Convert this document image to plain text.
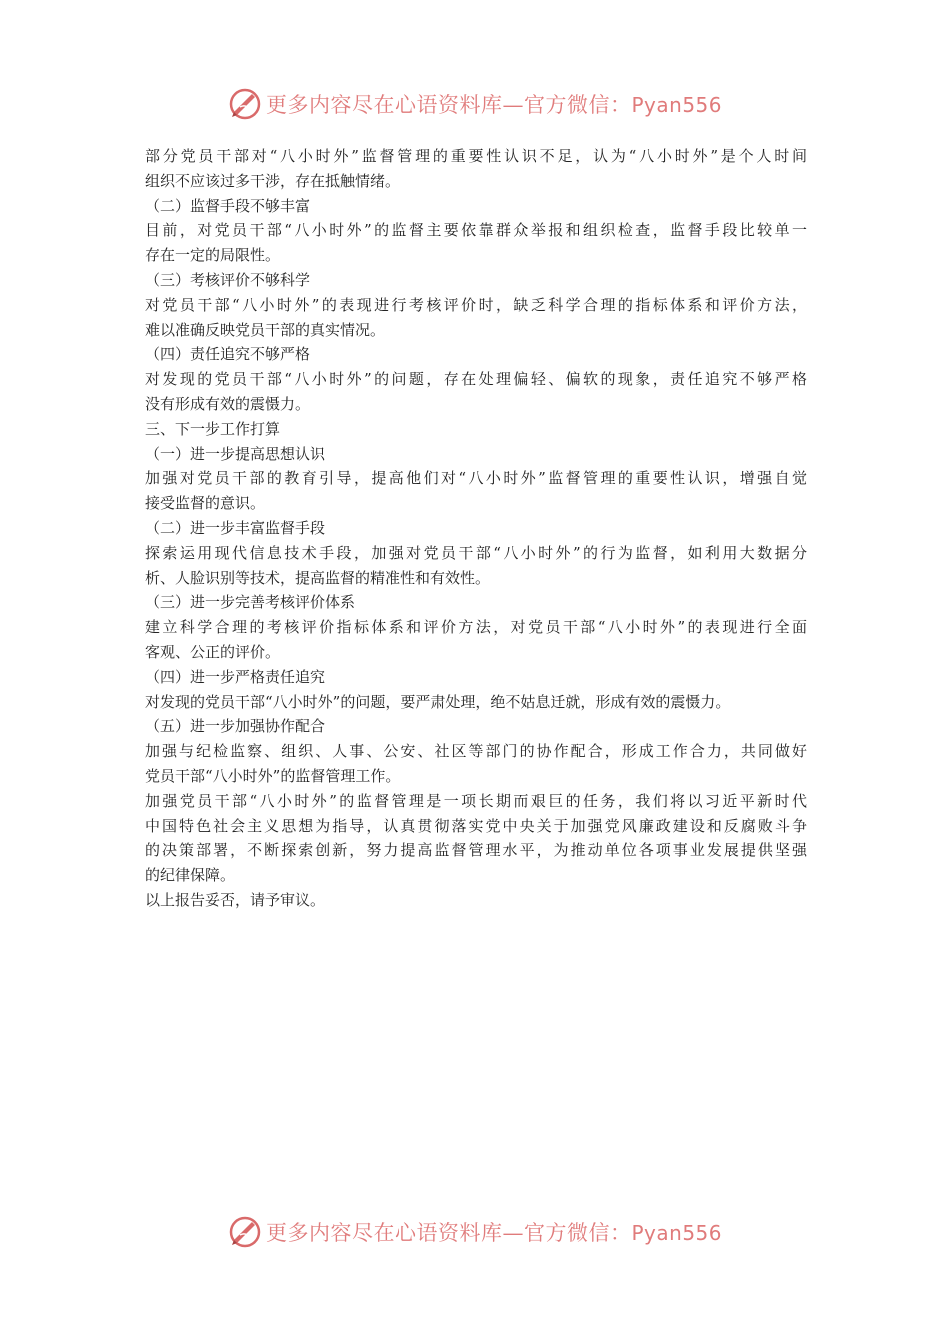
更多内容尽在心语资料库—官方微信：Pyan556
部分党员干部对“八小时外”监督管理的重要性认识不足，认为“八小时外”是个人时间
组织不应该过多干涉，存在抵触情绪。
（二）监督手段不够丰富
目前，对党员干部“八小时外”的监督主要依靠群众举报和组织检查，监督手段比较单一
存在一定的局限性。
（三）考核评价不够科学
对党员干部“八小时外”的表现进行考核评价时，缺乏科学合理的指标体系和评价方法，
难以准确反映党员干部的真实情况。
（四）责任追究不够严格
对发现的党员干部“八小时外”的问题，存在处理偏轻、偏软的现象，责任追究不够严格
没有形成有效的震慑力。
三、下一步工作打算
（一）进一步提高思想认识
加强对党员干部的教育引导，提高他们对“八小时外”监督管理的重要性认识，增强自觉
接受监督的意识。
（二）进一步丰富监督手段
探索运用现代信息技术手段，加强对党员干部“八小时外”的行为监督，如利用大数据分
析、人脸识别等技术，提高监督的精准性和有效性。
（三）进一步完善考核评价体系
建立科学合理的考核评价指标体系和评价方法，对党员干部“八小时外”的表现进行全面
客观、公正的评价。
（四）进一步严格责任追究
对发现的党员干部“八小时外”的问题，要严肃处理，绝不姑息迁就，形成有效的震慑力。
（五）进一步加强协作配合
加强与纪检监察、组织、人事、公安、社区等部门的协作配合，形成工作合力，共同做好
党员干部“八小时外”的监督管理工作。
加强党员干部“八小时外”的监督管理是一项长期而艰巨的任务，我们将以习近平新时代
中国特色社会主义思想为指导，认真贯彻落实党中央关于加强党风廉政建设和反腐败斗争
的决策部署，不断探索创新，努力提高监督管理水平，为推动单位各项事业发展提供坚强
的纪律保障。
以上报告妥否，请予审议。
更多内容尽在心语资料库—官方微信：Pyan556
